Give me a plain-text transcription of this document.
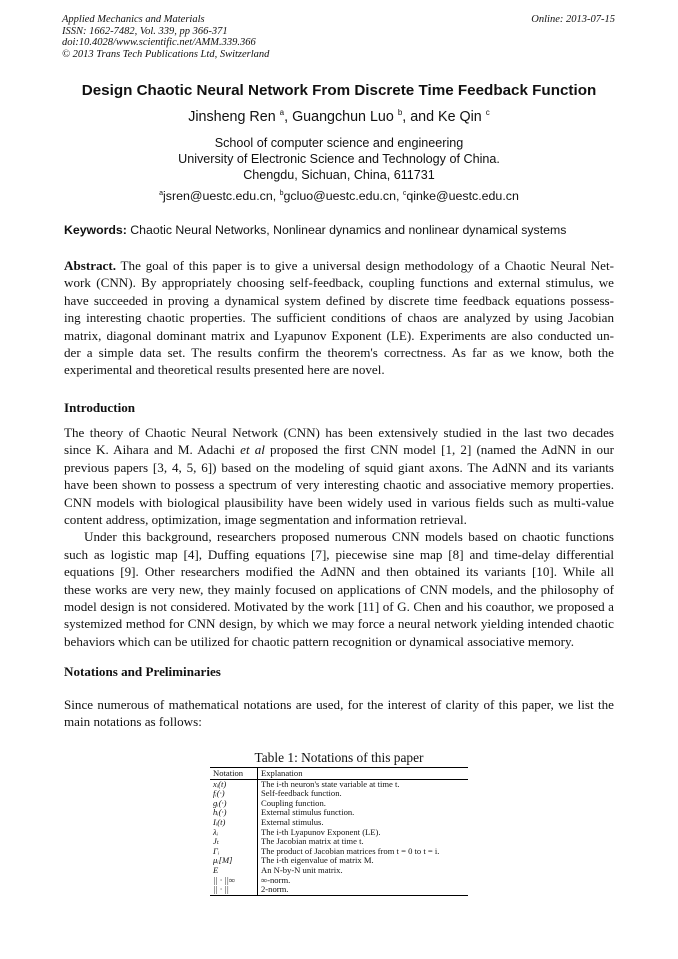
Applied Mechanics and Materials
ISSN: 1662-7482, Vol. 339, pp 366-371
doi:10.4028/www.scientific.net/AMM.339.366
© 2013 Trans Tech Publications Ltd, Switzerland
Online: 2013-07-15
Design Chaotic Neural Network From Discrete Time Feedback Function
Jinsheng Ren $^a$, Guangchun Luo $^b$, and Ke Qin $^c$
School of computer science and engineering
University of Electronic Science and Technology of China.
Chengdu, Sichuan, China, 611731
$^a$jsren@uestc.edu.cn, $^b$gcluo@uestc.edu.cn, $^c$qinke@uestc.edu.cn
Keywords: Chaotic Neural Networks, Nonlinear dynamics and nonlinear dynamical systems
Abstract. The goal of this paper is to give a universal design methodology of a Chaotic Neural Net-
work (CNN). By appropriately choosing self-feedback, coupling functions and external stimulus, we
have succeeded in proving a dynamical system defined by discrete time feedback equations possess-
ing interesting chaotic properties. The sufficient conditions of chaos are analyzed by using Jacobian
matrix, diagonal dominant matrix and Lyapunov Exponent (LE). Experiments are also conducted un-
der a simple data set. The results confirm the theorem's correctness. As far as we know, both the
experimental and theoretical results presented here are novel.
Introduction
The theory of Chaotic Neural Network (CNN) has been extensively studied in the last two decades
since K. Aihara and M. Adachi et al proposed the first CNN model [1, 2] (named the AdNN in our
previous papers [3, 4, 5, 6]) based on the modeling of squid giant axons. The AdNN and its variants
have been shown to possess a spectrum of very interesting chaotic and associative memory properties.
CNN models with biological plausibility have been widely used in various fields such as multi-value
content address, optimization, image segmentation and information retrieval.
Under this background, researchers proposed numerous CNN models based on chaotic functions
such as logistic map [4], Duffing equations [7], piecewise sine map [8] and time-delay differential
equations [9]. Other researchers modified the AdNN and then obtained its variants [10]. While all
these works are very new, they mainly focused on applications of CNN models, and the philosophy of
model design is not considered. Motivated by the work [11] of G. Chen and his coauthor, we proposed a
systemized method for CNN design, by which we may force a neural network yielding intended chaotic
behaviors which can be utilized for chaotic pattern recognition or dynamical associative memory.
Notations and Preliminaries
Since numerous of mathematical notations are used, for the interest of clarity of this paper, we list the
main notations as follows:
Table 1: Notations of this paper
Notation	Explanation
xᵢ(t)	The i-th neuron's state variable at time t.
fᵢ(·)	Self-feedback function.
gᵢ(·)	Coupling function.
hᵢ(·)	External stimulus function.
Iᵢ(t)	External stimulus.
λᵢ	The i-th Lyapunov Exponent (LE).
Jₜ	The Jacobian matrix at time t.
Γᵢ	The product of Jacobian matrices from t = 0 to t = i.
μᵢ[M]	The i-th eigenvalue of matrix M.
E	An N-by-N unit matrix.
|| · ||∞	∞-norm.
|| · ||	2-norm.
